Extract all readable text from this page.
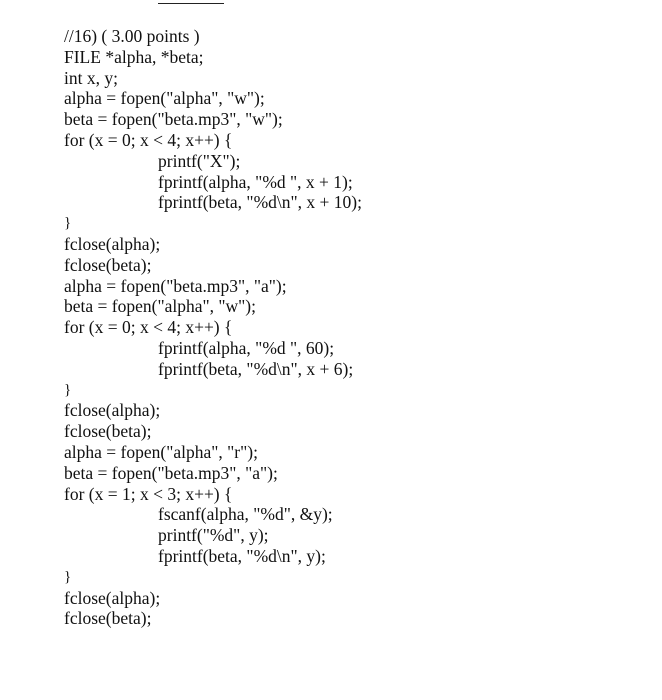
//16) ( 3.00 points )
FILE *alpha, *beta;
int x, y;
alpha = fopen("alpha", "w");
beta = fopen("beta.mp3", "w");
for (x = 0; x < 4; x++) {
printf("X");
fprintf(alpha, "%d ", x + 1);
fprintf(beta, "%d\n", x + 10);
}
fclose(alpha);
fclose(beta);
alpha = fopen("beta.mp3", "a");
beta = fopen("alpha", "w");
for (x = 0; x < 4; x++) {
fprintf(alpha, "%d ", 60);
fprintf(beta, "%d\n", x + 6);
}
fclose(alpha);
fclose(beta);
alpha = fopen("alpha", "r");
beta = fopen("beta.mp3", "a");
for (x = 1; x < 3; x++) {
fscanf(alpha, "%d", &y);
printf("%d", y);
fprintf(beta, "%d\n", y);
}
fclose(alpha);
fclose(beta);
